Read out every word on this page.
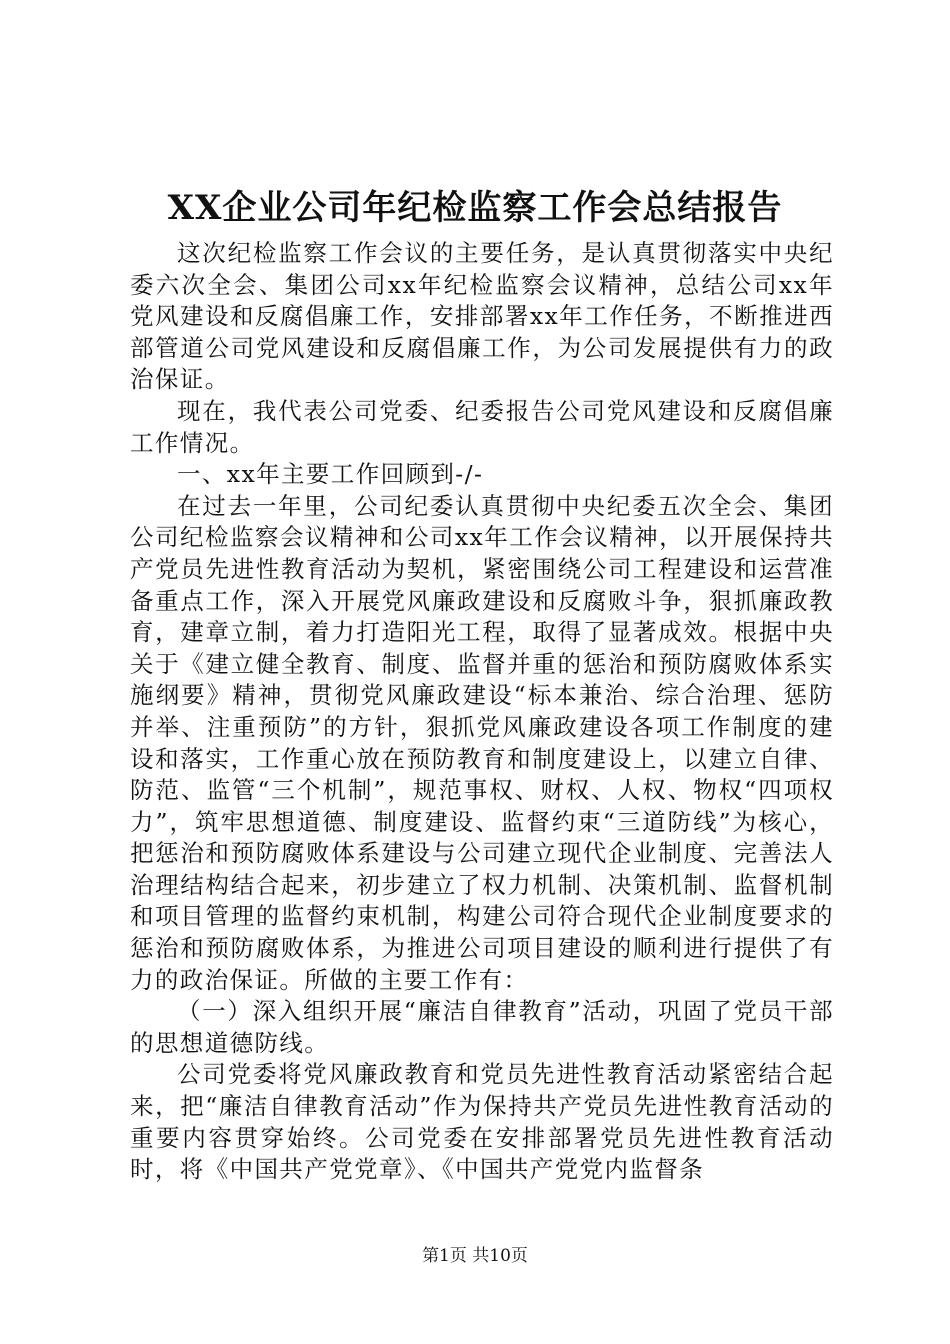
XX企业公司年纪检监察工作会总结报告

这次纪检监察工作会议的主要任务，是认真贯彻落实中央纪委六次全会、集团公司xx年纪检监察会议精神，总结公司xx年党风建设和反腐倡廉工作，安排部署xx年工作任务，不断推进西部管道公司党风建设和反腐倡廉工作，为公司发展提供有力的政治保证。

现在，我代表公司党委、纪委报告公司党风建设和反腐倡廉工作情况。

一、xx年主要工作回顾到-/-

在过去一年里，公司纪委认真贯彻中央纪委五次全会、集团公司纪检监察会议精神和公司xx年工作会议精神，以开展保持共产党员先进性教育活动为契机，紧密围绕公司工程建设和运营准备重点工作，深入开展党风廉政建设和反腐败斗争，狠抓廉政教育，建章立制，着力打造阳光工程，取得了显著成效。根据中央关于《建立健全教育、制度、监督并重的惩治和预防腐败体系实施纲要》精神，贯彻党风廉政建设“标本兼治、综合治理、惩防并举、注重预防”的方针，狠抓党风廉政建设各项工作制度的建设和落实，工作重心放在预防教育和制度建设上，以建立自律、防范、监管“三个机制”，规范事权、财权、人权、物权“四项权力”，筑牢思想道德、制度建设、监督约束“三道防线”为核心，把惩治和预防腐败体系建设与公司建立现代企业制度、完善法人治理结构结合起来，初步建立了权力机制、决策机制、监督机制和项目管理的监督约束机制，构建公司符合现代企业制度要求的惩治和预防腐败体系，为推进公司项目建设的顺利进行提供了有力的政治保证。所做的主要工作有：

（一）深入组织开展“廉洁自律教育”活动，巩固了党员干部的思想道德防线。

公司党委将党风廉政教育和党员先进性教育活动紧密结合起来，把“廉洁自律教育活动”作为保持共产党员先进性教育活动的重要内容贯穿始终。公司党委在安排部署党员先进性教育活动时，将《中国共产党党章》、《中国共产党党内监督条

第1页 共10页
